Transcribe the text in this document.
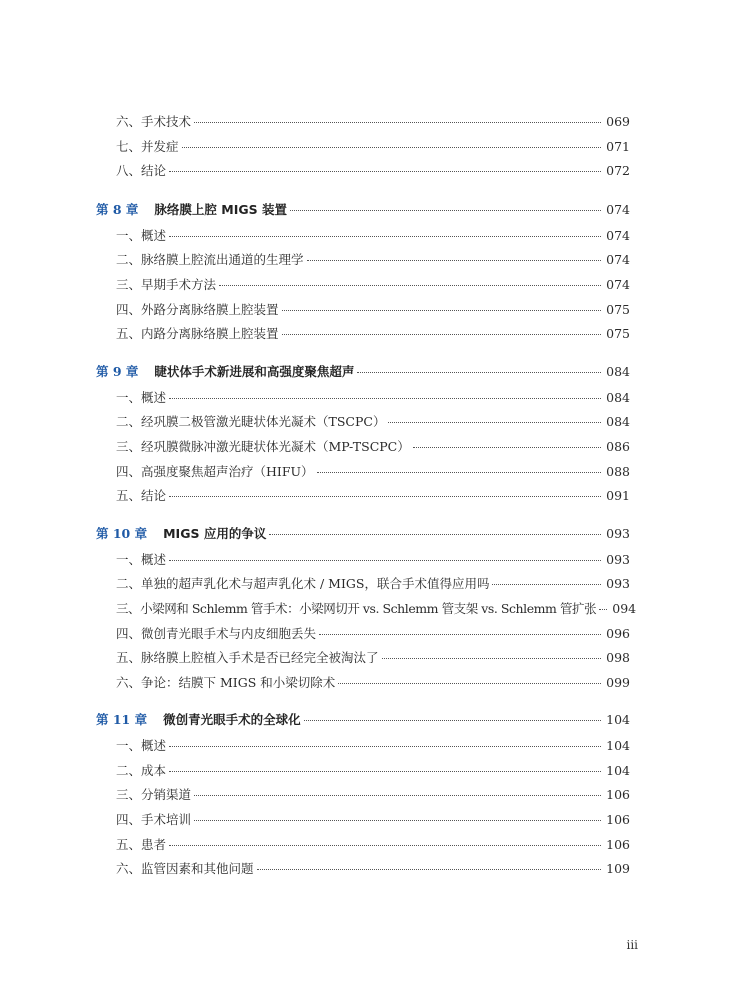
六、手术技术	069
七、并发症	071
八、结论	072
第 8 章 脉络膜上腔 MIGS 装置	074
一、概述	074
二、脉络膜上腔流出通道的生理学	074
三、早期手术方法	074
四、外路分离脉络膜上腔装置	075
五、内路分离脉络膜上腔装置	075
第 9 章 睫状体手术新进展和高强度聚焦超声	084
一、概述	084
二、经巩膜二极管激光睫状体光凝术（TSCPC）	084
三、经巩膜微脉冲激光睫状体光凝术（MP-TSCPC）	086
四、高强度聚焦超声治疗（HIFU）	088
五、结论	091
第 10 章 MIGS 应用的争议	093
一、概述	093
二、单独的超声乳化术与超声乳化术 / MIGS，联合手术值得应用吗	093
三、小梁网和 Schlemm 管手术：小梁网切开 vs. Schlemm 管支架 vs. Schlemm 管扩张 094
四、微创青光眼手术与内皮细胞丢失	096
五、脉络膜上腔植入手术是否已经完全被淘汰了	098
六、争论：结膜下 MIGS 和小梁切除术	099
第 11 章 微创青光眼手术的全球化	104
一、概述	104
二、成本	104
三、分销渠道	106
四、手术培训	106
五、患者	106
六、监管因素和其他问题	109
iii
